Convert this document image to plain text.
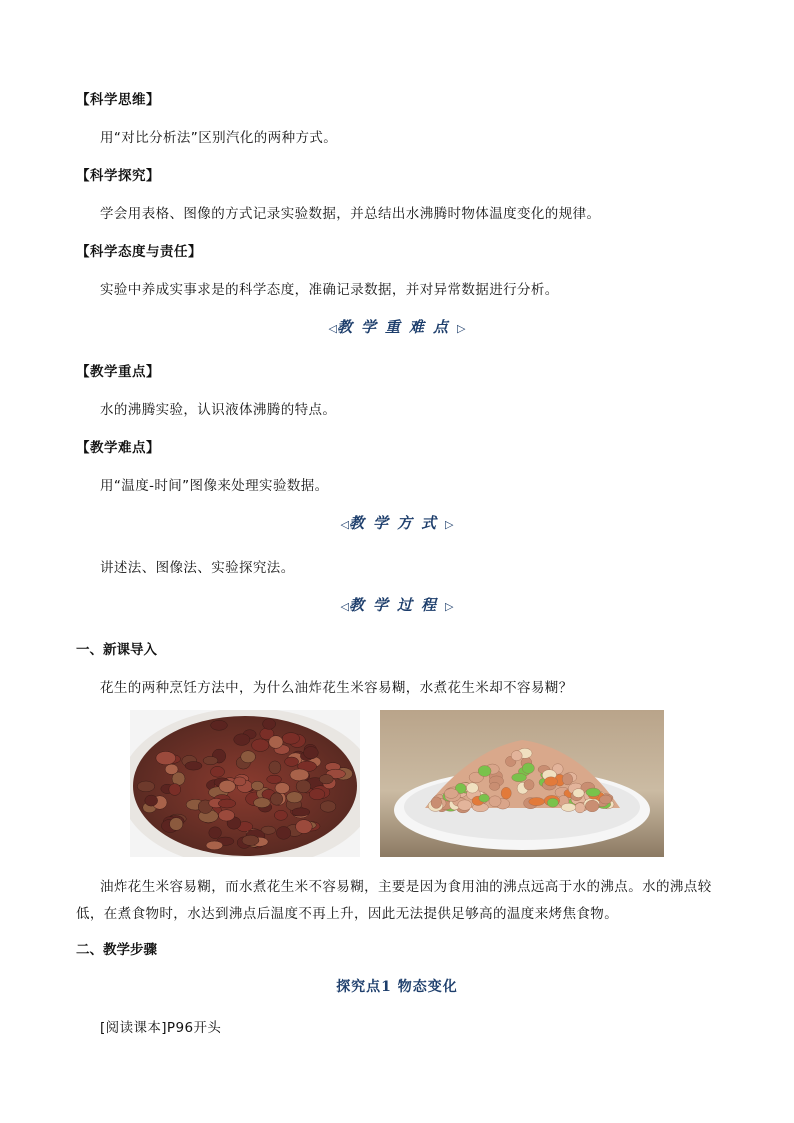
【科学思维】
用“对比分析法”区别汽化的两种方式。
【科学探究】
学会用表格、图像的方式记录实验数据，并总结出水沸腾时物体温度变化的规律。
【科学态度与责任】
实验中养成实事求是的科学态度，准确记录数据，并对异常数据进行分析。
◁教学重难点▷
【教学重点】
水的沸腾实验，认识液体沸腾的特点。
【教学难点】
用“温度-时间”图像来处理实验数据。
◁教学方式▷
讲述法、图像法、实验探究法。
◁教学过程▷
一、新课导入
花生的两种烹饪方法中，为什么油炸花生米容易糊，水煮花生米却不容易糊？
油炸花生米容易糊，而水煮花生米不容易糊，主要是因为食用油的沸点远高于水的沸点。水的沸点较低，在煮食物时，水达到沸点后温度不再上升，因此无法提供足够高的温度来烤焦食物。
二、教学步骤
探究点1 物态变化
[阅读课本]P96开头
